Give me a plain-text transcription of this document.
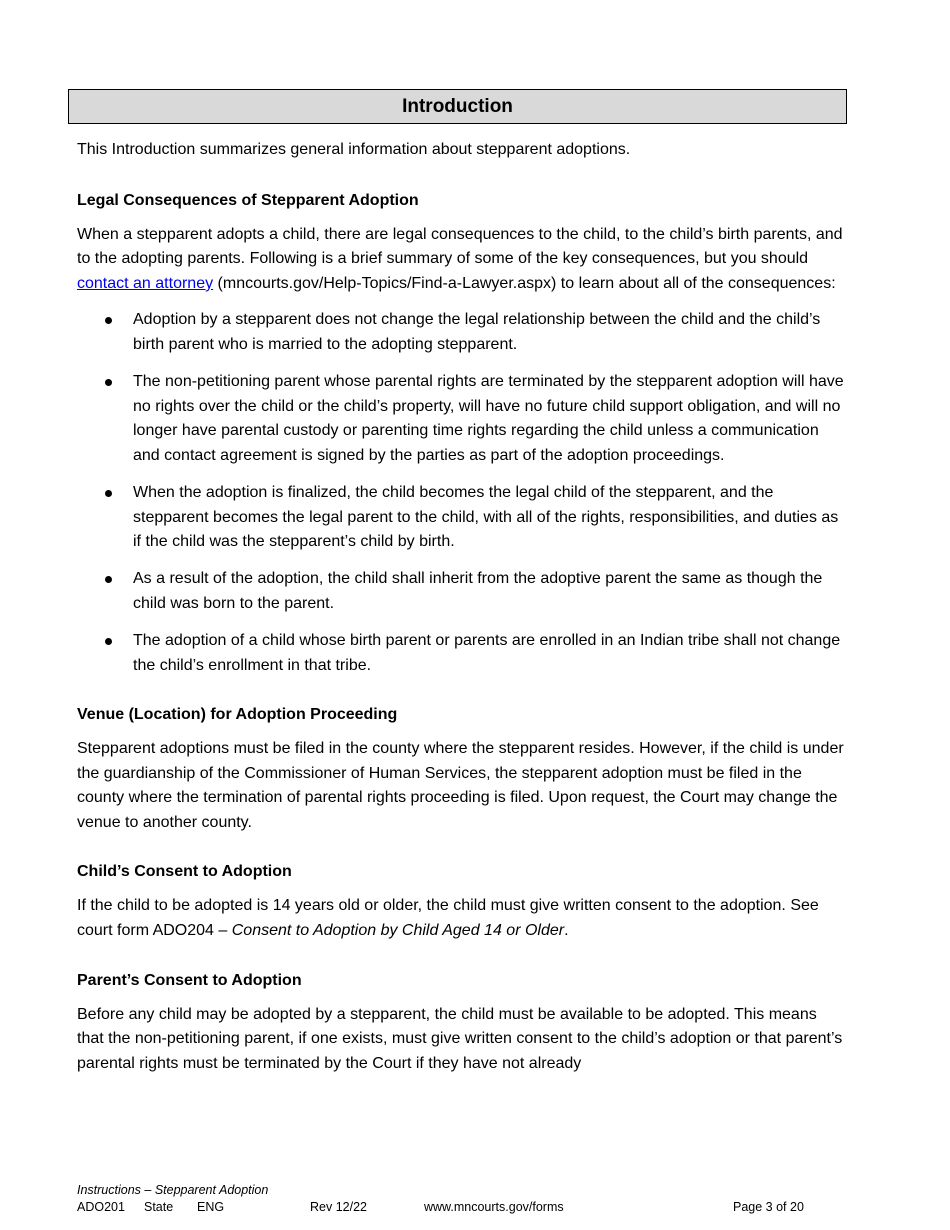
Introduction

This Introduction summarizes general information about stepparent adoptions.

Legal Consequences of Stepparent Adoption

When a stepparent adopts a child, there are legal consequences to the child, to the child’s birth parents, and to the adopting parents. Following is a brief summary of some of the key consequences, but you should contact an attorney (mncourts.gov/Help-Topics/Find-a-Lawyer.aspx) to learn about all of the consequences:

Adoption by a stepparent does not change the legal relationship between the child and the child’s birth parent who is married to the adopting stepparent.
The non-petitioning parent whose parental rights are terminated by the stepparent adoption will have no rights over the child or the child’s property, will have no future child support obligation, and will no longer have parental custody or parenting time rights regarding the child unless a communication and contact agreement is signed by the parties as part of the adoption proceedings.
When the adoption is finalized, the child becomes the legal child of the stepparent, and the stepparent becomes the legal parent to the child, with all of the rights, responsibilities, and duties as if the child was the stepparent’s child by birth.
As a result of the adoption, the child shall inherit from the adoptive parent the same as though the child was born to the parent.
The adoption of a child whose birth parent or parents are enrolled in an Indian tribe shall not change the child’s enrollment in that tribe.

Venue (Location) for Adoption Proceeding

Stepparent adoptions must be filed in the county where the stepparent resides. However, if the child is under the guardianship of the Commissioner of Human Services, the stepparent adoption must be filed in the county where the termination of parental rights proceeding is filed. Upon request, the Court may change the venue to another county.

Child’s Consent to Adoption

If the child to be adopted is 14 years old or older, the child must give written consent to the adoption. See court form ADO204 – Consent to Adoption by Child Aged 14 or Older.

Parent’s Consent to Adoption

Before any child may be adopted by a stepparent, the child must be available to be adopted. This means that the non-petitioning parent, if one exists, must give written consent to the child’s adoption or that parent’s parental rights must be terminated by the Court if they have not already

Instructions – Stepparent Adoption
ADO201 State ENG	Rev 12/22	www.mncourts.gov/forms	Page 3 of 20
